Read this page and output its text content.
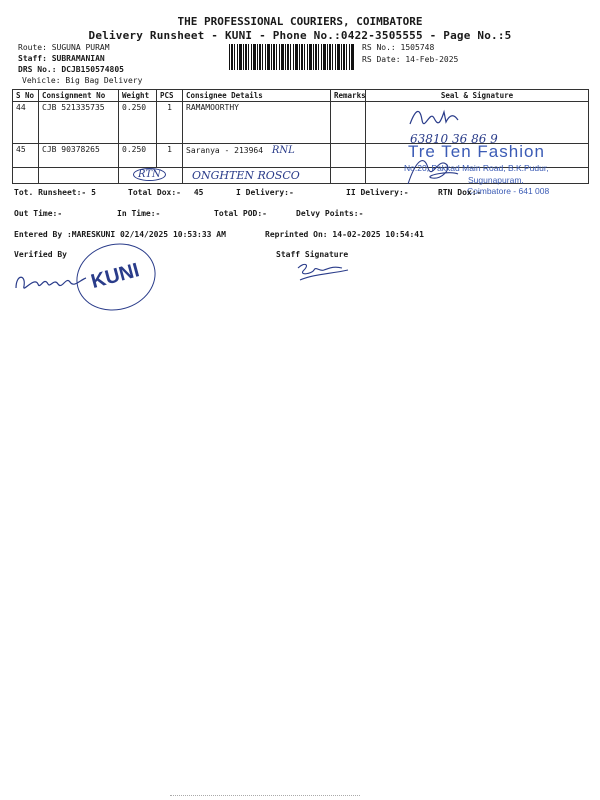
THE PROFESSIONAL COURIERS, COIMBATORE
Delivery Runsheet - KUNI - Phone No.:0422-3505555 - Page No.:5
Route: SUGUNA PURAM
Staff: SUBRAMANIAN
DRS No.: DCJB150574805
Vehicle: Big Bag Delivery
RS No.: 1505748
RS Date: 14-Feb-2025
S No	Consignment No	Weight	PCS	Consignee Details	Remarks	Seal & Signature
44	CJB 521335735	0.250	1	RAMAMOORTHY		63810 36 86 9

45	CJB 90378265	0.250	1	Saranya - 213964 RNL		

		RTN		ONGHTEN ROSCO		
Tre Ten Fashion
No.20, Pakkad Main Road, B.K.Pudur,
Sugunapuram,
Coimbatore - 641 008
Tot. Runsheet:- 5	Total Dox:- 45	I Delivery:-	II Delivery:-	RTN Dox:-
Out Time:-	In Time:-	Total POD:-	Delvy Points:-
Entered By :MARESKUNI 02/14/2025 10:53:33 AM	Reprinted On: 14-02-2025 10:54:41
Verified By	Staff Signature
KUNI
